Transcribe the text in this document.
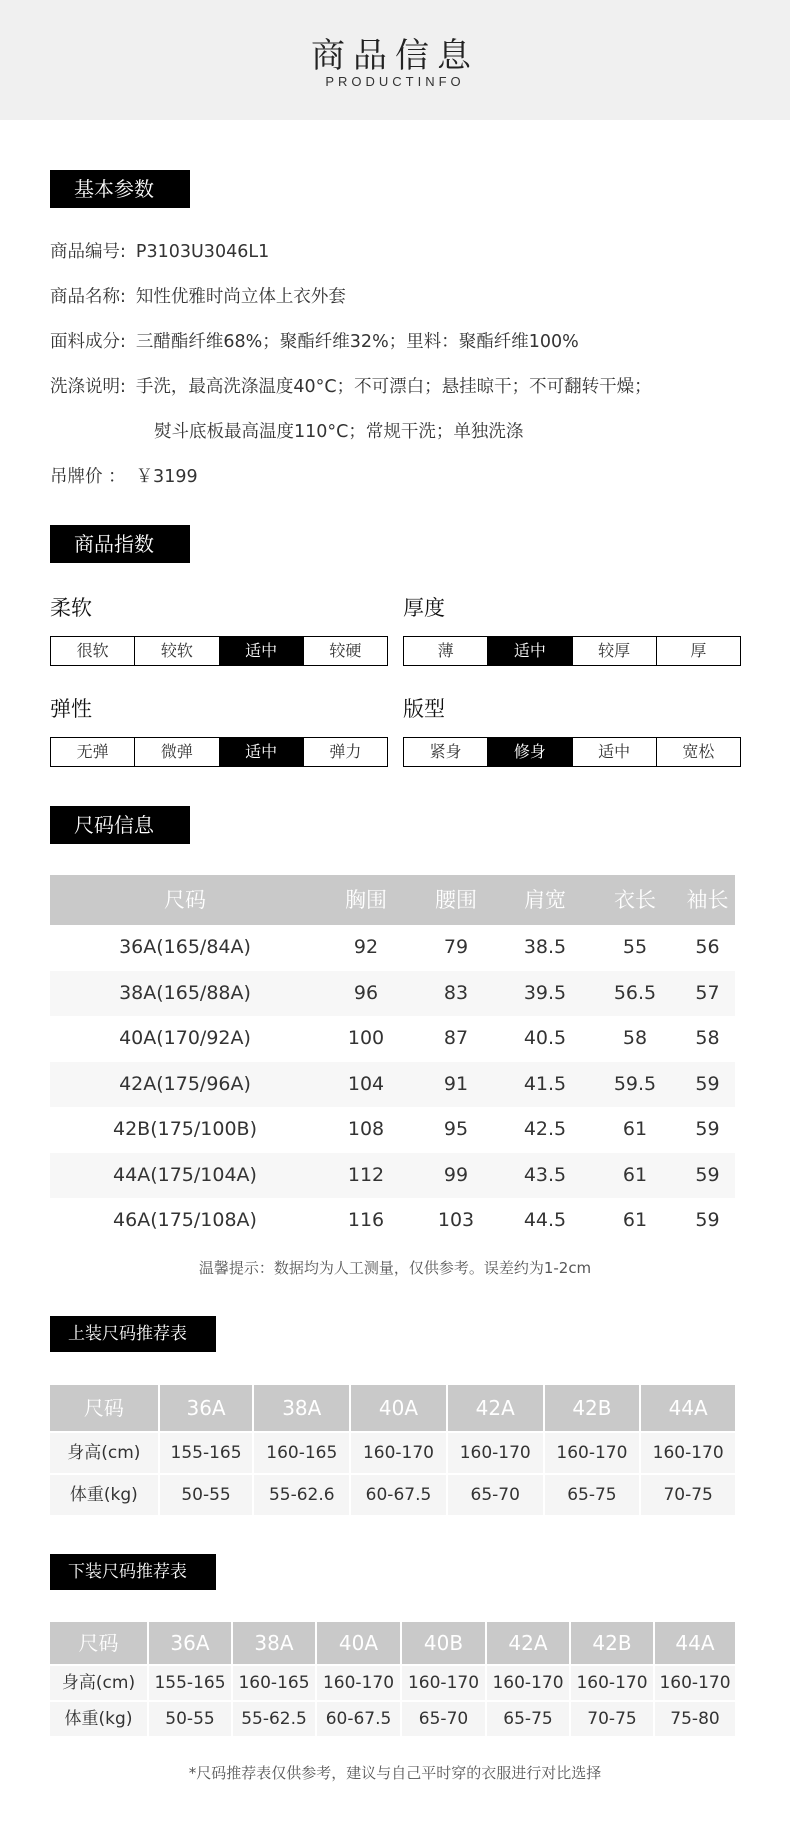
商品信息
PRODUCTINFO
基本参数
商品编号: P3103U3046L1
商品名称: 知性优雅时尚立体上衣外套
面料成分: 三醋酯纤维68%；聚酯纤维32%；里料：聚酯纤维100%
洗涤说明: 手洗，最高洗涤温度40°C；不可漂白；悬挂晾干；不可翻转干燥；
熨斗底板最高温度110°C；常规干洗；单独洗涤
吊牌价 ： ￥3199
商品指数
柔软
很软	较软	适中	较硬
厚度
薄	适中	较厚	厚
弹性
无弹	微弹	适中	弹力
版型
紧身	修身	适中	宽松
尺码信息
尺码	胸围	腰围	肩宽	衣长	袖长
36A(165/84A)	92	79	38.5	55	56
38A(165/88A)	96	83	39.5	56.5	57
40A(170/92A)	100	87	40.5	58	58
42A(175/96A)	104	91	41.5	59.5	59
42B(175/100B)	108	95	42.5	61	59
44A(175/104A)	112	99	43.5	61	59
46A(175/108A)	116	103	44.5	61	59
温馨提示：数据均为人工测量，仅供参考。误差约为1-2cm
上装尺码推荐表
尺码	36A	38A	40A	42A	42B	44A
身高(cm)	155-165	160-165	160-170	160-170	160-170	160-170
体重(kg)	50-55	55-62.6	60-67.5	65-70	65-75	70-75
下装尺码推荐表
尺码	36A	38A	40A	40B	42A	42B	44A
身高(cm)	155-165 160-165 160-170 160-170 160-170 160-170 160-170
体重(kg)	50-55	55-62.5	60-67.5	65-70	65-75	70-75	75-80
*尺码推荐表仅供参考，建议与自己平时穿的衣服进行对比选择
